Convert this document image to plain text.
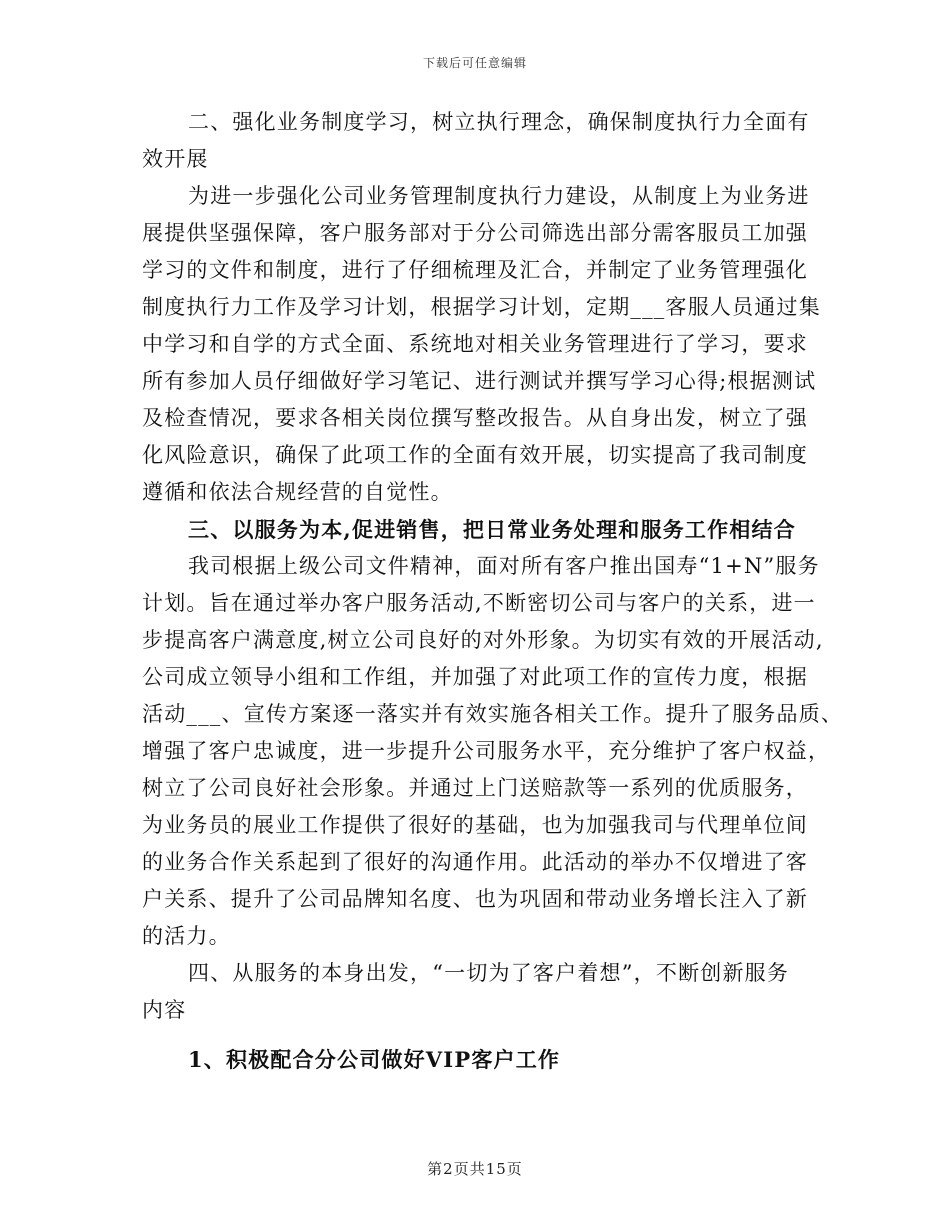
下载后可任意编辑
二、强化业务制度学习，树立执行理念，确保制度执行力全面有
效开展
为进一步强化公司业务管理制度执行力建设，从制度上为业务进
展提供坚强保障，客户服务部对于分公司筛选出部分需客服员工加强
学习的文件和制度，进行了仔细梳理及汇合，并制定了业务管理强化
制度执行力工作及学习计划，根据学习计划，定期___客服人员通过集
中学习和自学的方式全面、系统地对相关业务管理进行了学习，要求
所有参加人员仔细做好学习笔记、进行测试并撰写学习心得;根据测试
及检查情况，要求各相关岗位撰写整改报告。从自身出发，树立了强
化风险意识，确保了此项工作的全面有效开展，切实提高了我司制度
遵循和依法合规经营的自觉性。
三、以服务为本,促进销售，把日常业务处理和服务工作相结合
我司根据上级公司文件精神，面对所有客户推出国寿“1+N”服务
计划。旨在通过举办客户服务活动,不断密切公司与客户的关系，进一
步提高客户满意度,树立公司良好的对外形象。为切实有效的开展活动,
公司成立领导小组和工作组，并加强了对此项工作的宣传力度，根据
活动___、宣传方案逐一落实并有效实施各相关工作。提升了服务品质、
增强了客户忠诚度，进一步提升公司服务水平，充分维护了客户权益，
树立了公司良好社会形象。并通过上门送赔款等一系列的优质服务，
为业务员的展业工作提供了很好的基础，也为加强我司与代理单位间
的业务合作关系起到了很好的沟通作用。此活动的举办不仅增进了客
户关系、提升了公司品牌知名度、也为巩固和带动业务增长注入了新
的活力。
四、从服务的本身出发，“一切为了客户着想”，不断创新服务
内容
1、积极配合分公司做好VIP客户工作
第2页共15页
